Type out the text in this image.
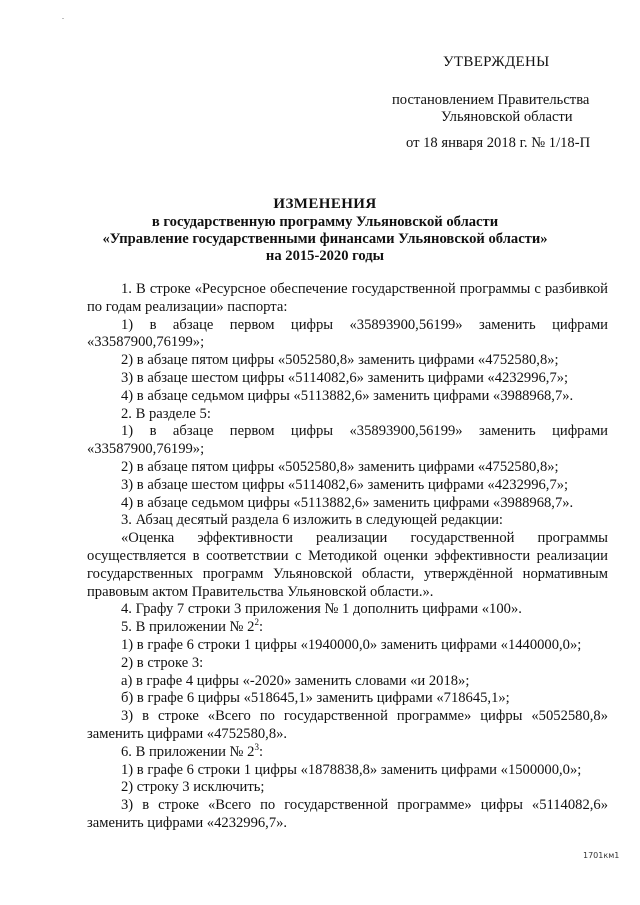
УТВЕРЖДЕНЫ
постановлением Правительства
Ульяновской области
от 18 января 2018 г. № 1/18-П
ИЗМЕНЕНИЯ
в государственную программу Ульяновской области
«Управление государственными финансами Ульяновской области»
на 2015-2020 годы

1. В строке «Ресурсное обеспечение государственной программы с разбивкой по годам реализации» паспорта:

1) в абзаце первом цифры «35893900,56199» заменить цифрами «33587900,76199»;

2) в абзаце пятом цифры «5052580,8» заменить цифрами «4752580,8»;

3) в абзаце шестом цифры «5114082,6» заменить цифрами «4232996,7»;

4) в абзаце седьмом цифры «5113882,6» заменить цифрами «3988968,7».

2. В разделе 5:

1) в абзаце первом цифры «35893900,56199» заменить цифрами «33587900,76199»;

2) в абзаце пятом цифры «5052580,8» заменить цифрами «4752580,8»;

3) в абзаце шестом цифры «5114082,6» заменить цифрами «4232996,7»;

4) в абзаце седьмом цифры «5113882,6» заменить цифрами «3988968,7».

3. Абзац десятый раздела 6 изложить в следующей редакции:

«Оценка эффективности реализации государственной программы осуществляется в соответствии с Методикой оценки эффективности реализации государственных программ Ульяновской области, утверждённой нормативным правовым актом Правительства Ульяновской области.».

4. Графу 7 строки 3 приложения № 1 дополнить цифрами «100».

5. В приложении № $2^2$:

1) в графе 6 строки 1 цифры «1940000,0» заменить цифрами «1440000,0»;

2) в строке 3:

а) в графе 4 цифры «-2020» заменить словами «и 2018»;

б) в графе 6 цифры «518645,1» заменить цифрами «718645,1»;

3) в строке «Всего по государственной программе» цифры «5052580,8» заменить цифрами «4752580,8».

6. В приложении № $2^3$:

1) в графе 6 строки 1 цифры «1878838,8» заменить цифрами «1500000,0»;

2) строку 3 исключить;

3) в строке «Всего по государственной программе» цифры «5114082,6» заменить цифрами «4232996,7».

1701км1
